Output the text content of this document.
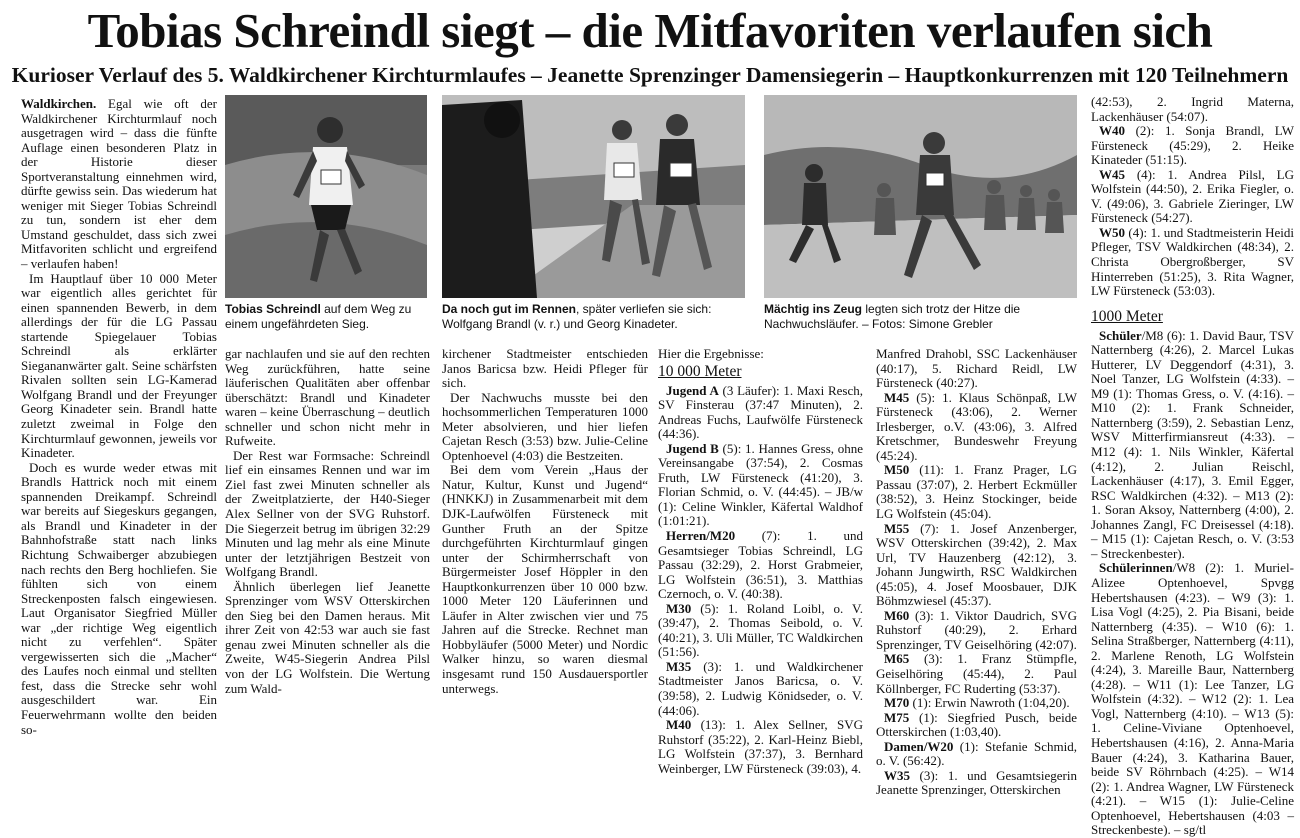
Tobias Schreindl siegt – die Mitfavoriten verlaufen sich
Kurioser Verlauf des 5. Waldkirchener Kirchturmlaufes – Jeanette Sprenzinger Damensiegerin – Hauptkonkurrenzen mit 120 Teilnehmern

Waldkirchen. Egal wie oft der Waldkirchener Kirchturmlauf noch ausgetragen wird – dass die fünfte Auflage einen besonderen Platz in der Historie dieser Sportveranstaltung einnehmen wird, dürfte gewiss sein. Das wiederum hat weniger mit Sieger Tobias Schreindl zu tun, sondern ist eher dem Umstand geschuldet, dass sich zwei Mitfavoriten schlicht und ergreifend – verlaufen haben!

Im Hauptlauf über 10 000 Meter war eigentlich alles gerichtet für einen spannenden Bewerb, in dem allerdings der für die LG Passau startende Spiegelauer Tobias Schreindl als erklärter Siegananwärter galt. Seine schärfsten Rivalen sollten sein LG-Kamerad Wolfgang Brandl und der Freyunger Georg Kinadeter sein. Brandl hatte zuletzt zweimal in Folge den Kirchturmlauf gewonnen, jeweils vor Kinadeter.

Doch es wurde weder etwas mit Brandls Hattrick noch mit einem spannenden Dreikampf. Schreindl war bereits auf Siegeskurs gegangen, als Brandl und Kinadeter in der Bahnhofstraße statt nach links Richtung Schwaiberger abzubiegen nach rechts den Berg hochliefen. Sie fühlten sich von einem Streckenposten falsch eingewiesen. Laut Organisator Siegfried Müller war „der richtige Weg eigentlich nicht zu verfehlen“. Später vergewisserten sich die „Macher“ des Laufes noch einmal und stellten fest, dass die Strecke sehr wohl ausgeschildert war. Ein Feuerwehrmann wollte den beiden so-

Tobias Schreindl auf dem Weg zu einem ungefährdeten Sieg.
Da noch gut im Rennen, später verliefen sie sich: Wolfgang Brandl (v. r.) und Georg Kinadeter.
Mächtig ins Zeug legten sich trotz der Hitze die Nachwuchsläufer. – Fotos: Simone Grebler

gar nachlaufen und sie auf den rechten Weg zurückführen, hatte seine läuferischen Qualitäten aber offenbar überschätzt: Brandl und Kinadeter waren – keine Überraschung – deutlich schneller und schon nicht mehr in Rufweite.

Der Rest war Formsache: Schreindl lief ein einsames Rennen und war im Ziel fast zwei Minuten schneller als der Zweitplatzierte, der H40-Sieger Alex Sellner von der SVG Ruhstorf. Die Siegerzeit betrug im übrigen 32:29 Minuten und lag mehr als eine Minute unter der letztjährigen Bestzeit von Wolfgang Brandl.

Ähnlich überlegen lief Jeanette Sprenzinger vom WSV Otterskirchen den Sieg bei den Damen heraus. Mit ihrer Zeit von 42:53 war auch sie fast genau zwei Minuten schneller als die Zweite, W45-Siegerin Andrea Pilsl von der LG Wolfstein. Die Wertung zum Wald-

kirchener Stadtmeister entschieden Janos Baricsa bzw. Heidi Pfleger für sich.

Der Nachwuchs musste bei den hochsommerlichen Temperaturen 1000 Meter absolvieren, und hier liefen Cajetan Resch (3:53) bzw. Julie-Celine Optenhoevel (4:03) die Bestzeiten.

Bei dem vom Verein „Haus der Natur, Kultur, Kunst und Jugend“ (HNKKJ) in Zusammenarbeit mit dem DJK-Laufwölfen Fürsteneck mit Gunther Fruth an der Spitze durchgeführten Kirchturmlauf gingen unter der Schirmherrschaft von Bürgermeister Josef Höppler in den Hauptkonkurrenzen über 10 000 bzw. 1000 Meter 120 Läuferinnen und Läufer in Alter zwischen vier und 75 Jahren auf die Strecke. Rechnet man Hobbyläufer (5000 Meter) und Nordic Walker hinzu, so waren diesmal insgesamt rund 150 Ausdauersportler unterwegs.

Hier die Ergebnisse:

10 000 Meter

Jugend A (3 Läufer): 1. Maxi Resch, SV Finsterau (37:47 Minuten), 2. Andreas Fuchs, Laufwölfe Fürsteneck (44:36).

Jugend B (5): 1. Hannes Gress, ohne Vereinsangabe (37:54), 2. Cosmas Fruth, LW Fürsteneck (41:20), 3. Florian Schmid, o. V. (44:45). – JB/w (1): Celine Winkler, Käfertal Waldhof (1:01:21).

Herren/M20 (7): 1. und Gesamtsieger Tobias Schreindl, LG Passau (32:29), 2. Horst Grabmeier, LG Wolfstein (36:51), 3. Matthias Czernoch, o. V. (40:38).

M30 (5): 1. Roland Loibl, o. V. (39:47), 2. Thomas Seibold, o. V. (40:21), 3. Uli Müller, TC Waldkirchen (51:56).

M35 (3): 1. und Waldkirchener Stadtmeister Janos Baricsa, o. V. (39:58), 2. Ludwig Könidseder, o. V. (44:06).

M40 (13): 1. Alex Sellner, SVG Ruhstorf (35:22), 2. Karl-Heinz Biebl, LG Wolfstein (37:37), 3. Bernhard Weinberger, LW Fürsteneck (39:03), 4.

Manfred Drahobl, SSC Lackenhäuser (40:17), 5. Richard Reidl, LW Fürsteneck (40:27).

M45 (5): 1. Klaus Schönpaß, LW Fürsteneck (43:06), 2. Werner Irlesberger, o.V. (43:06), 3. Alfred Kretschmer, Bundeswehr Freyung (45:24).

M50 (11): 1. Franz Prager, LG Passau (37:07), 2. Herbert Eckmüller (38:52), 3. Heinz Stockinger, beide LG Wolfstein (45:04).

M55 (7): 1. Josef Anzenberger, WSV Otterskirchen (39:42), 2. Max Url, TV Hauzenberg (42:12), 3. Johann Jungwirth, RSC Waldkirchen (45:05), 4. Josef Moosbauer, DJK Böhmzwiesel (45:37).

M60 (3): 1. Viktor Daudrich, SVG Ruhstorf (40:29), 2. Erhard Sprenzinger, TV Geiselhöring (42:07).

M65 (3): 1. Franz Stümpfle, Geiselhöring (45:44), 2. Paul Köllnberger, FC Ruderting (53:37).

M70 (1): Erwin Nawroth (1:04,20).

M75 (1): Siegfried Pusch, beide Otterskirchen (1:03,40).

Damen/W20 (1): Stefanie Schmid, o. V. (56:42).

W35 (3): 1. und Gesamtsiegerin Jeanette Sprenzinger, Otterskirchen

(42:53), 2. Ingrid Materna, Lackenhäuser (54:07).

W40 (2): 1. Sonja Brandl, LW Fürsteneck (45:29), 2. Heike Kinateder (51:15).

W45 (4): 1. Andrea Pilsl, LG Wolfstein (44:50), 2. Erika Fiegler, o. V. (49:06), 3. Gabriele Zieringer, LW Fürsteneck (54:27).

W50 (4): 1. und Stadtmeisterin Heidi Pfleger, TSV Waldkirchen (48:34), 2. Christa Obergroßberger, SV Hinterreben (51:25), 3. Rita Wagner, LW Fürsteneck (53:03).

1000 Meter

Schüler/M8 (6): 1. David Baur, TSV Natternberg (4:26), 2. Marcel Lukas Hutterer, LV Deggendorf (4:31), 3. Noel Tanzer, LG Wolfstein (4:33). – M9 (1): Thomas Gress, o. V. (4:16). – M10 (2): 1. Frank Schneider, Natternberg (3:59), 2. Sebastian Lenz, WSV Mitterfirmiansreut (4:33). – M12 (4): 1. Nils Winkler, Käfertal (4:12), 2. Julian Reischl, Lackenhäuser (4:17), 3. Emil Egger, RSC Waldkirchen (4:32). – M13 (2): 1. Soran Aksoy, Natternberg (4:00), 2. Johannes Zangl, FC Dreisessel (4:18). – M15 (1): Cajetan Resch, o. V. (3:53 – Streckenbester).

Schülerinnen/W8 (2): 1. Muriel-Alizee Optenhoevel, Spvgg Hebertshausen (4:23). – W9 (3): 1. Lisa Vogl (4:25), 2. Pia Bisani, beide Natternberg (4:35). – W10 (6): 1. Selina Straßberger, Natternberg (4:11), 2. Marlene Renoth, LG Wolfstein (4:24), 3. Mareille Baur, Natternberg (4:28). – W11 (1): Lee Tanzer, LG Wolfstein (4:32). – W12 (2): 1. Lea Vogl, Natternberg (4:10). – W13 (5): 1. Celine-Viviane Optenhoevel, Hebertshausen (4:16), 2. Anna-Maria Bauer (4:24), 3. Katharina Bauer, beide SV Röhrnbach (4:25). – W14 (2): 1. Andrea Wagner, LW Fürsteneck (4:21). – W15 (1): Julie-Celine Optenhoevel, Hebertshausen (4:03 – Streckenbeste). – sg/tl
